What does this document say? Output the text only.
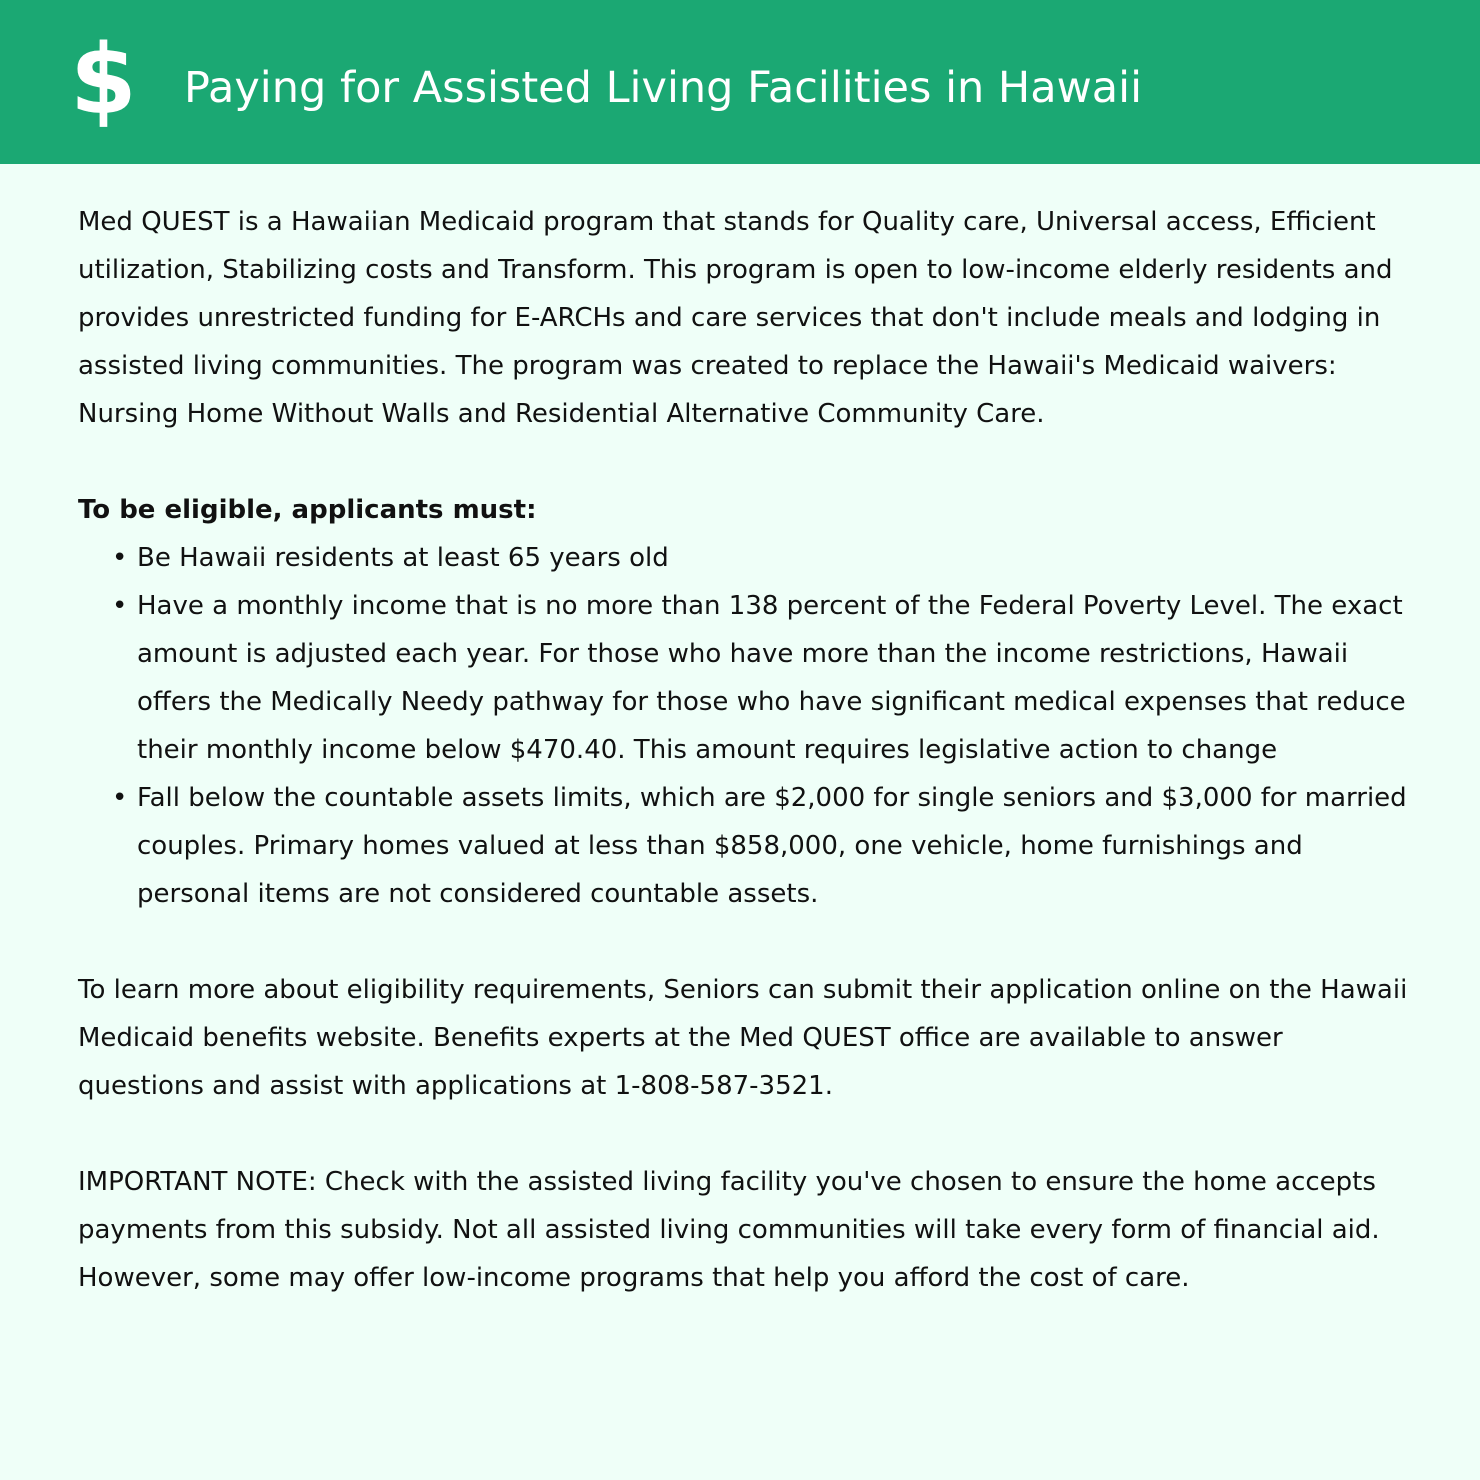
$ Paying for Assisted Living Facilities in Hawaii

Med QUEST is a Hawaiian Medicaid program that stands for Quality care, Universal access, Efficient utilization, Stabilizing costs and Transform. This program is open to low-income elderly residents and provides unrestricted funding for E-ARCHs and care services that don't include meals and lodging in assisted living communities. The program was created to replace the Hawaii's Medicaid waivers: Nursing Home Without Walls and Residential Alternative Community Care.

To be eligible, applicants must:

• Be Hawaii residents at least 65 years old
• Have a monthly income that is no more than 138 percent of the Federal Poverty Level. The exact amount is adjusted each year. For those who have more than the income restrictions, Hawaii offers the Medically Needy pathway for those who have significant medical expenses that reduce their monthly income below $470.40. This amount requires legislative action to change
• Fall below the countable assets limits, which are $2,000 for single seniors and $3,000 for married couples. Primary homes valued at less than $858,000, one vehicle, home furnishings and personal items are not considered countable assets.

To learn more about eligibility requirements, Seniors can submit their application online on the Hawaii Medicaid benefits website. Benefits experts at the Med QUEST office are available to answer questions and assist with applications at 1-808-587-3521.

IMPORTANT NOTE: Check with the assisted living facility you've chosen to ensure the home accepts payments from this subsidy. Not all assisted living communities will take every form of financial aid. However, some may offer low-income programs that help you afford the cost of care.
